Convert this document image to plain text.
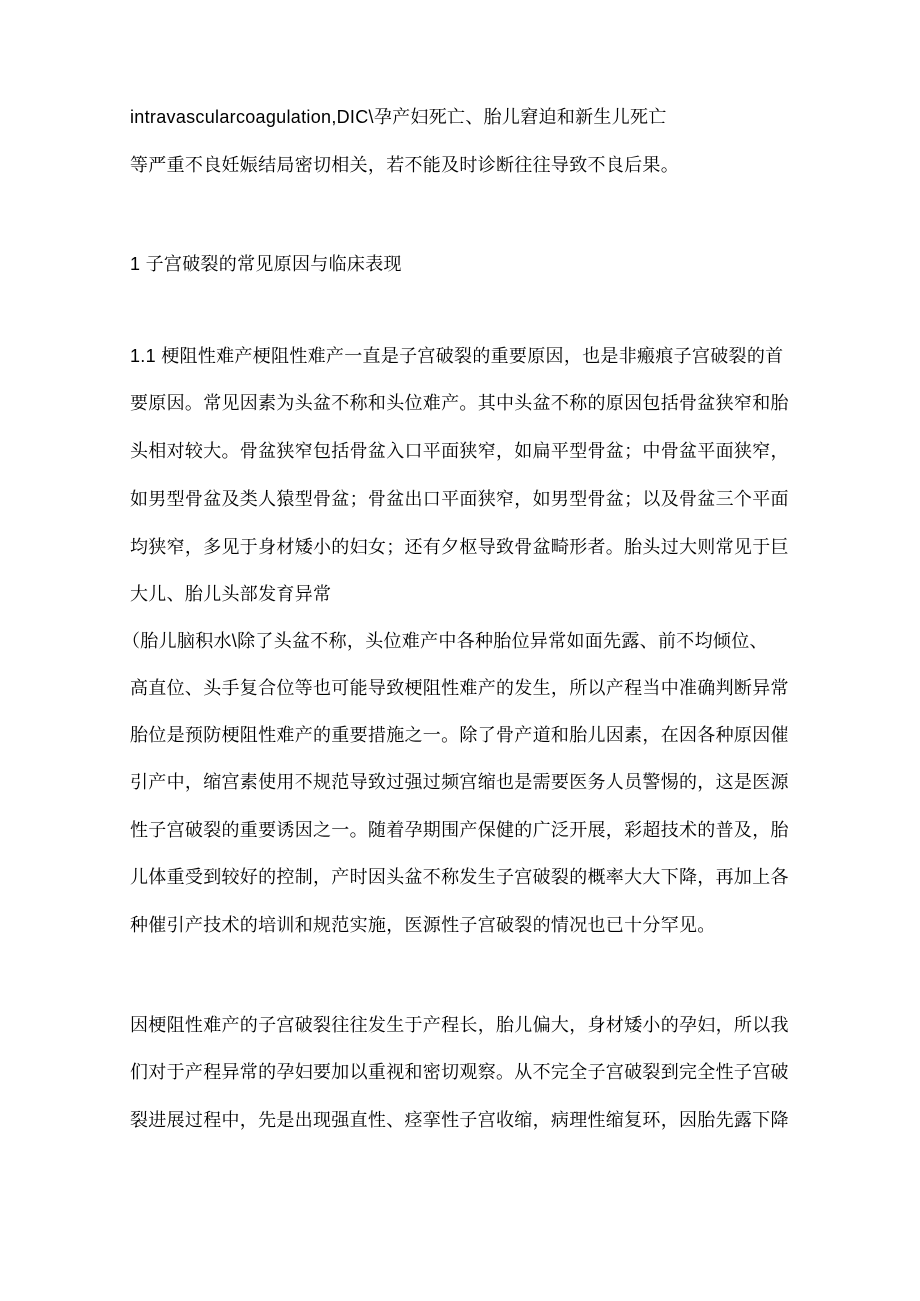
intravascularcoagulation,DIC\孕产妇死亡、胎儿窘迫和新生儿死亡
等严重不良妊娠结局密切相关，若不能及时诊断往往导致不良后果。
1 子宫破裂的常见原因与临床表现
1.1 梗阻性难产梗阻性难产一直是子宫破裂的重要原因，也是非瘢痕子宫破裂的首
要原因。常见因素为头盆不称和头位难产。其中头盆不称的原因包括骨盆狭窄和胎
头相对较大。骨盆狭窄包括骨盆入口平面狭窄，如扁平型骨盆；中骨盆平面狭窄，
如男型骨盆及类人猿型骨盆；骨盆出口平面狭窄，如男型骨盆；以及骨盆三个平面
均狭窄，多见于身材矮小的妇女；还有夕枢导致骨盆畸形者。胎头过大则常见于巨
大儿、胎儿头部发育异常
（胎儿脑积水\除了头盆不称，头位难产中各种胎位异常如面先露、前不均倾位、
高直位、头手复合位等也可能导致梗阻性难产的发生，所以产程当中准确判断异常
胎位是预防梗阻性难产的重要措施之一。除了骨产道和胎儿因素，在因各种原因催
引产中，缩宫素使用不规范导致过强过频宫缩也是需要医务人员警惕的，这是医源
性子宫破裂的重要诱因之一。随着孕期围产保健的广泛开展，彩超技术的普及，胎
儿体重受到较好的控制，产时因头盆不称发生子宫破裂的概率大大下降，再加上各
种催引产技术的培训和规范实施，医源性子宫破裂的情况也已十分罕见。
因梗阻性难产的子宫破裂往往发生于产程长，胎儿偏大，身材矮小的孕妇，所以我
们对于产程异常的孕妇要加以重视和密切观察。从不完全子宫破裂到完全性子宫破
裂进展过程中，先是出现强直性、痉挛性子宫收缩，病理性缩复环，因胎先露下降
